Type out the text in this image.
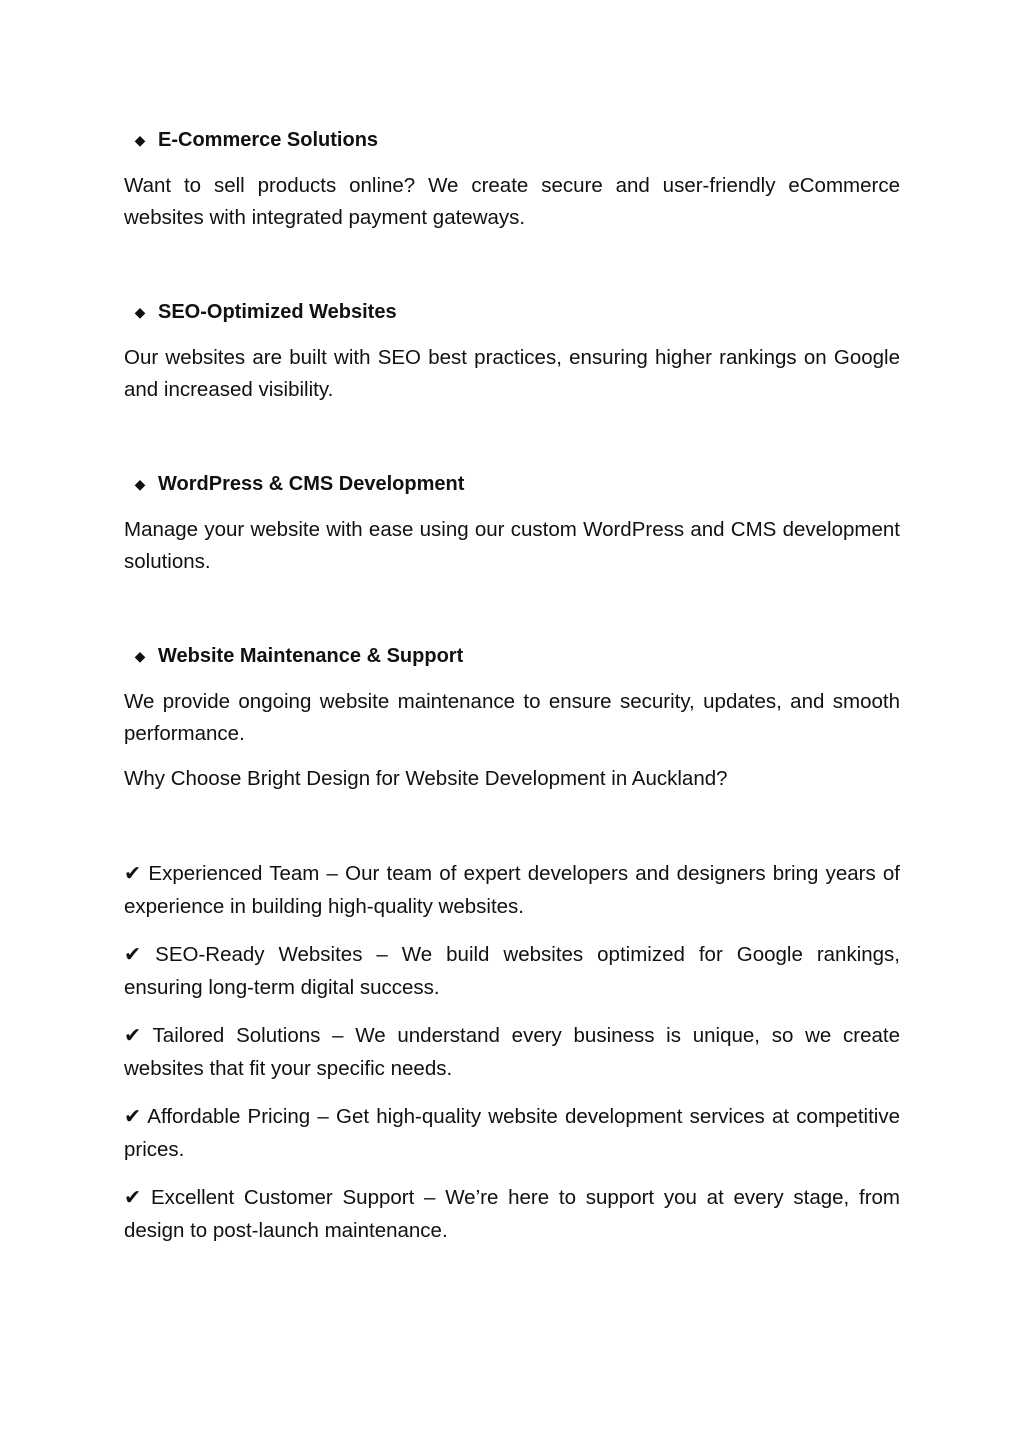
◆ E-Commerce Solutions

Want to sell products online? We create secure and user-friendly eCommerce websites with integrated payment gateways.

◆ SEO-Optimized Websites

Our websites are built with SEO best practices, ensuring higher rankings on Google and increased visibility.

◆ WordPress & CMS Development

Manage your website with ease using our custom WordPress and CMS development solutions.

◆ Website Maintenance & Support

We provide ongoing website maintenance to ensure security, updates, and smooth performance.

Why Choose Bright Design for Website Development in Auckland?

✔ Experienced Team – Our team of expert developers and designers bring years of experience in building high-quality websites.

✔ SEO-Ready Websites – We build websites optimized for Google rankings, ensuring long-term digital success.

✔ Tailored Solutions – We understand every business is unique, so we create websites that fit your specific needs.

✔ Affordable Pricing – Get high-quality website development services at competitive prices.

✔ Excellent Customer Support – We’re here to support you at every stage, from design to post-launch maintenance.
